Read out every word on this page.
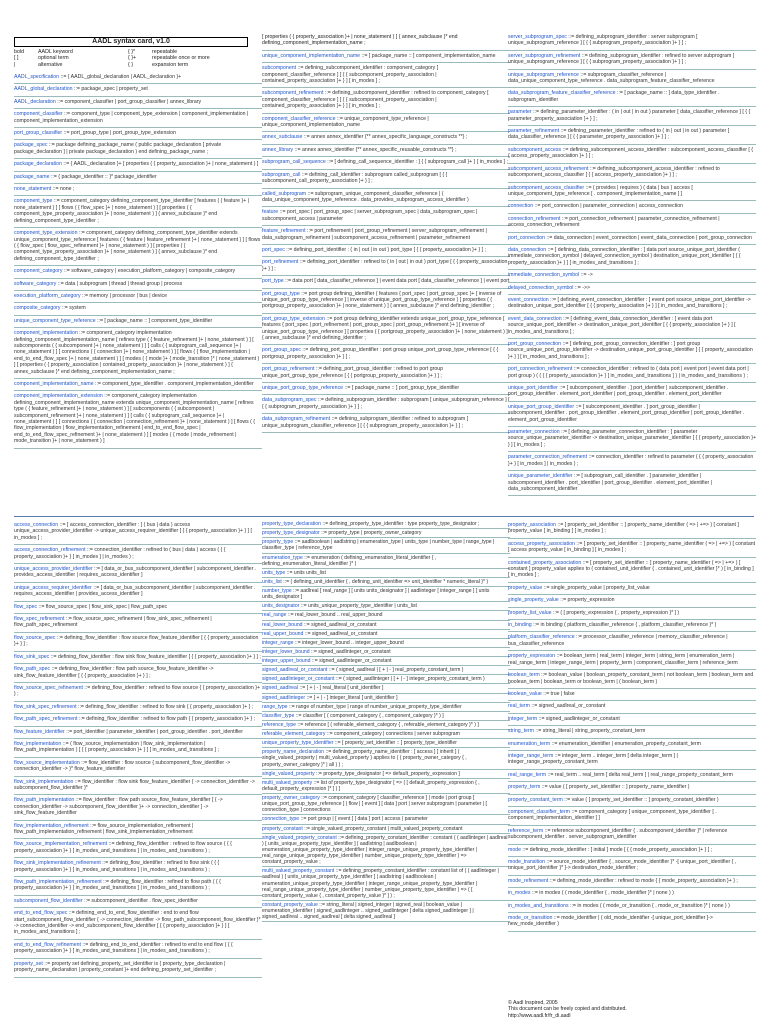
AADL syntax card, v1.0
bold	AADL keyword	{ }*	repeatable
[ ]	optional term	{ }+	repeatable once or more
|	alternative	{ }	expansion term
AADL_specification ::= { AADL_global_declaration | AADL_declaration }+
AADL_global_declaration ::= package_spec | property_set
AADL_declaration ::= component_classifier | port_group_classifier | annex_library
component_classifier ::= component_type | component_type_extension | component_implementation | component_implementation_extension
port_group_classifier ::= port_group_type | port_group_type_extension
package_spec ::= package defining_package_name ( public package_declaration [ private package_declaration ] | private package_declaration ) end defining_package_name ;
package_declaration ::= { AADL_declaration }+ [ properties ( { property_association }+ | none_statement ) ]
package_name ::= { package_identifier :: }* package_identifier
none_statement ::= none ;
component_type ::= component_category defining_component_type_identifier [ features ( { feature }+ | none_statement ) ] [ flows ( { flow_spec }+ | none_statement ) ] [ properties ( { component_type_property_association }+ | none_statement ) ] { annex_subclause }* end defining_component_type_identifier ;
component_type_extension ::= component_category defining_component_type_identifier extends unique_component_type_reference [ features ( { feature | feature_refinement }+ | none_statement ) ] [ flows ( { flow_spec | flow_spec_refinement }+ | none_statement ) ] [ properties ( { component_type_property_association }+ | none_statement ) ] { annex_subclause }* end defining_component_type_identifier ;
component_category ::= software_category | execution_platform_category | composite_category
software_category ::= data | subprogram | thread | thread group | process
execution_platform_category ::= memory | processor | bus | device
composite_category ::= system
unique_component_type_reference ::= [ package_name :: ] component_type_identifier
component_implementation ::= component_category implementation defining_component_implementation_name [ refines type ( { feature_refinement }+ | none_statement ) ] [ subcomponents ( { subcomponent }+ | none_statement ) ] [ calls ( { subprogram_call_sequence }+ | none_statement ) ] [ connections ( { connection }+ | none_statement ) ] [ flows ( { flow_implementation | end_to_end_flow_spec }+ | none_statement ) ] [ modes ( { mode }+ { mode_transition }* | none_statement ) ] [ properties ( { property_association | contained_property_association }+ | none_statement ) ] { annex_subclause }* end defining_component_implementation_name ;
component_implementation_name ::= component_type_identifier . component_implementation_identifier
component_implementation_extension ::= component_category implementation defining_component_implementation_name extends unique_component_implementation_name [ refines type ( { feature_refinement }+ | none_statement ) ] [ subcomponents ( { subcomponent | subcomponent_refinement }+ | none_statement ) ] [ calls ( { subprogram_call_sequence }+ | none_statement ) ] [ connections ( { connection | connection_refinement }+ | none_statement ) ] [ flows ( { flow_implementation | flow_implementation_refinement | end_to_end_flow_spec | end_to_end_flow_spec_refinement }+ | none_statement ) ] [ modes ( { mode | mode_refinement | mode_transition }+ | none_statement ) ]
[ properties ( { property_association }+ | none_statement ) ] { annex_subclause }* end defining_component_implementation_name ;
unique_component_implementation_name ::= [ package_name :: ] component_implementation_name
subcomponent ::= defining_subcomponent_identifier : component_category [ component_classifier_reference ] [ { { subcomponent_property_association | contained_property_association }+ } ] [ in_modes ] ;
subcomponent_refinement ::= defining_subcomponent_identifier : refined to component_category [ component_classifier_reference ] [ { { subcomponent_property_association | contained_property_association }+ } ] [ in_modes ] ;
component_classifier_reference ::= unique_component_type_reference | unique_component_implementation_name
annex_subclause ::= annex annex_identifier {** annex_specific_language_constructs **} ;
annex_library ::= annex annex_identifier {** annex_specific_reusable_constructs **} ;
subprogram_call_sequence ::= [ defining_call_sequence_identifier : ] { { subprogram_call }+ } [ in_modes ] ;
subprogram_call ::= defining_call_identifier : subprogram called_subprogram [ { { subcomponent_call_property_association }+ } ] ;
called_subprogram ::= subprogram_unique_component_classifier_reference | ( data_unique_component_type_reference . data_provides_subprogram_access_identifier )
feature ::= port_spec | port_group_spec | server_subprogram_spec | data_subprogram_spec | subcomponent_access | parameter
feature_refinement ::= port_refinement | port_group_refinement | server_subprogram_refinement | data_subprogram_refinement | subcomponent_access_refinement | parameter_refinement
port_spec ::= defining_port_identifier : ( in | out | in out ) port_type [ { { property_association }+ } ] ;
port_refinement ::= defining_port_identifier : refined to ( in | out | in out ) port_type [ { { property_association }+ } ] ;
port_type ::= data port [ data_classifier_reference ] | event data port [ data_classifier_reference ] | event port
port_group_type ::= port group defining_identifier ( features { port_spec | port_group_spec }+ [ inverse of unique_port_group_type_reference ] | inverse of unique_port_group_type_reference ) [ properties ( { portgroup_property_association }+ | none_statement ) ] { annex_subclause }* end defining_identifier ;
port_group_type_extension ::= port group defining_identifier extends unique_port_group_type_reference [ features { port_spec | port_refinement | port_group_spec | port_group_refinement }+ ] [ inverse of unique_port_group_type_reference ] [ properties ( { portgroup_property_association }+ | none_statement ) ] { annex_subclause }* end defining_identifier ;
port_group_spec ::= defining_port_group_identifier : port group unique_port_group_type_reference [ { { portgroup_property_association }+ } ] ;
port_group_refinement ::= defining_port_group_identifier : refined to port group unique_port_group_type_reference [ { { portgroup_property_association }+ } ] ;
unique_port_group_type_reference ::= [ package_name :: ] port_group_type_identifier
data_subprogram_spec ::= defining_subprogram_identifier : subprogram [ unique_subprogram_reference ] [ { { subprogram_property_association }+ } ] ;
data_subprogram_refinement ::= defining_subprogram_identifier : refined to subprogram [ unique_subprogram_classifier_reference ] [ { { subprogram_property_association }+ } ] ;
server_subprogram_spec ::= defining_subprogram_identifier : server subprogram [ unique_subprogram_reference ] [ { { subprogram_property_association }+ } ] ;
server_subprogram_refinement ::= defining_subprogram_identifier : refined to server subprogram [ unique_subprogram_reference ] [ { { subprogram_property_association }+ } ] ;
unique_subprogram_reference ::= subprogram_classifier_reference | data_unique_component_type_reference . data_subprogram_feature_classifier_reference
data_subprogram_feature_classifier_reference ::= [ package_name :: ] data_type_identifier . subprogram_identifier
parameter ::= defining_parameter_identifier : ( in | out | in out ) parameter [ data_classifier_reference ] [ { { parameter_property_association }+ } ] ;
parameter_refinement ::= defining_parameter_identifier : refined to ( in | out | in out ) parameter [ data_classifier_reference ] [ { { parameter_property_association }+ } ] ;
subcomponent_access ::= defining_subcomponent_access_identifier : subcomponent_access_classifier [ { { access_property_association }+ } ] ;
subcomponent_access_refinement ::= defining_subcomponent_access_identifier : refined to subcomponent_access_classifier [ { { access_property_association }+ } ] ;
subcomponent_access_classifier ::= ( provides | requires ) ( data | bus ) access [ unique_component_type_reference [ . component_implementation_name ] ]
connection ::= port_connection | parameter_connection | access_connection
connection_refinement ::= port_connection_refinement | parameter_connection_refinement | access_connection_refinement
port_connection ::= data_connection | event_connection | event_data_connection | port_group_connection
data_connection ::= [ defining_data_connection_identifier : ] data port source_unique_port_identifier ( immediate_connection_symbol | delayed_connection_symbol ) destination_unique_port_identifier [ { { property_association }+ } ] [ in_modes_and_transitions ] ;
immediate_connection_symbol ::= ->
delayed_connection_symbol ::= ->>
event_connection ::= [ defining_event_connection_identifier : ] event port source_unique_port_identifier -> destination_unique_port_identifier [ { { property_association }+ } ] [ in_modes_and_transitions ] ;
event_data_connection ::= [ defining_event_data_connection_identifier : ] event data port source_unique_port_identifier -> destination_unique_port_identifier [ { { property_association }+ } ] [ in_modes_and_transitions ] ;
port_group_connection ::= [ defining_port_group_connection_identifier : ] port group source_unique_port_group_identifier -> destination_unique_port_group_identifier [ { { property_association }+ } ] [ in_modes_and_transitions ] ;
port_connection_refinement ::= connection_identifier : refined to ( data port | event port | event data port | port group ) ( ( { { property_association }+ } [ in_modes_and_transitions ] ) | in_modes_and_transitions ) ;
unique_port_identifier ::= [ subcomponent_identifier . ] port_identifier | subcomponent_identifier . port_group_identifier . element_port_identifier | port_group_identifier . element_port_identifier
unique_port_group_identifier ::= [ subcomponent_identifier . ] port_group_identifier | subcomponent_identifier . port_group_identifier . element_port_group_identifier | port_group_identifier . element_port_group_identifier
parameter_connection ::= [ defining_parameter_connection_identifier : ] parameter source_unique_parameter_identifier -> destination_unique_parameter_identifier [ { { property_association }+ } ] [ in_modes ] ;
parameter_connection_refinement ::= connection_identifier : refined to parameter ( { { property_association }+ } [ in_modes ] | in_modes ) ;
unique_parameter_identifier ::= [ subprogram_call_identifier . ] parameter_identifier | subcomponent_identifier . port_identifier | port_group_identifier . element_port_identifier | data_subcomponent_identifier
access_connection ::= [ access_connection_identifier : ] ( bus | data ) access unique_access_provider_identifier -> unique_access_requirer_identifier [ { { property_association }+ } ] [ in_modes ] ;
access_connection_refinement ::= connection_identifier : refined to ( bus | data ) access ( { { property_association }+ } [ in_modes ] | in_modes ) ;
unique_access_provider_identifier ::= [ data_or_bus_subcomponent_identifier | subcomponent_identifier . provides_access_identifier | requires_access_identifier ]
unique_access_requirer_identifier ::= [ data_or_bus_subcomponent_identifier | subcomponent_identifier . requires_access_identifier | provides_access_identifier ]
flow_spec ::= flow_source_spec | flow_sink_spec | flow_path_spec
flow_spec_refinement ::= flow_source_spec_refinement | flow_sink_spec_refinement | flow_path_spec_refinement
flow_source_spec ::= defining_flow_identifier : flow source flow_feature_identifier [ { { property_association }+ } ] ;
flow_sink_spec ::= defining_flow_identifier : flow sink flow_feature_identifier [ { { property_association }+ } ] ;
flow_path_spec ::= defining_flow_identifier : flow path source_flow_feature_identifier -> sink_flow_feature_identifier [ { { property_association }+ } ] ;
flow_source_spec_refinement ::= defining_flow_identifier : refined to flow source { { property_association }+ } ;
flow_sink_spec_refinement ::= defining_flow_identifier : refined to flow sink { { property_association }+ } ;
flow_path_spec_refinement ::= defining_flow_identifier : refined to flow path { { property_association }+ } ;
flow_feature_identifier ::= port_identifier | parameter_identifier | port_group_identifier . port_identifier
flow_implementation ::= ( flow_source_implementation | flow_sink_implementation | flow_path_implementation ) [ { { property_association }+ } ] [ in_modes_and_transitions ] ;
flow_source_implementation ::= flow_identifier : flow source { subcomponent_flow_identifier -> connection_identifier -> }* flow_feature_identifier
flow_sink_implementation ::= flow_identifier : flow sink flow_feature_identifier { -> connection_identifier -> subcomponent_flow_identifier }*
flow_path_implementation ::= flow_identifier : flow path source_flow_feature_identifier [ { -> connection_identifier -> subcomponent_flow_identifier }+ -> connection_identifier ] -> sink_flow_feature_identifier
flow_implementation_refinement ::= flow_source_implementation_refinement | flow_path_implementation_refinement | flow_sink_implementation_refinement
flow_source_implementation_refinement ::= defining_flow_identifier : refined to flow source ( { { property_association }+ } [ in_modes_and_transitions ] | in_modes_and_transitions ) ;
flow_sink_implementation_refinement ::= defining_flow_identifier : refined to flow sink ( { { property_association }+ } [ in_modes_and_transitions ] | in_modes_and_transitions ) ;
flow_path_implementation_refinement ::= defining_flow_identifier : refined to flow path ( { { property_association }+ } [ in_modes_and_transitions ] | in_modes_and_transitions ) ;
subcomponent_flow_identifier ::= subcomponent_identifier . flow_spec_identifier
end_to_end_flow_spec ::= defining_end_to_end_flow_identifier : end to end flow start_subcomponent_flow_identifier { -> connection_identifier -> flow_path_subcomponent_flow_identifier }* -> connection_identifier -> end_subcomponent_flow_identifier [ { { property_association }+ } ] [ in_modes_and_transitions ] ;
end_to_end_flow_refinement ::= defining_end_to_end_identifier : refined to end to end flow ( { { property_association }+ } [ in_modes_and_transitions ] | in_modes_and_transitions ) ;
property_set ::= property set defining_property_set_identifier is { property_type_declaration | property_name_declaration | property_constant }+ end defining_property_set_identifier ;
property_type_declaration ::= defining_property_type_identifier : type property_type_designator ;
property_type_designator ::= property_type | property_owner_category
property_type ::= aadlboolean | aadlstring | enumeration_type | units_type | number_type | range_type | classifier_type | reference_type
enumeration_type ::= enumeration ( defining_enumeration_literal_identifier { , defining_enumeration_literal_identifier }* )
units_type ::= units units_list
units_list ::= ( defining_unit_identifier { , defining_unit_identifier => unit_identifier * numeric_literal }* )
number_type ::= aadlreal [ real_range ] [ units units_designator ] | aadlinteger [ integer_range ] [ units units_designator ]
units_designator ::= units_unique_property_type_identifier | units_list
real_range ::= real_lower_bound .. real_upper_bound
real_lower_bound ::= signed_aadlreal_or_constant
real_upper_bound ::= signed_aadlreal_or_constant
integer_range ::= integer_lower_bound .. integer_upper_bound
integer_lower_bound ::= signed_aadlinteger_or_constant
integer_upper_bound ::= signed_aadlinteger_or_constant
signed_aadlreal_or_constant ::= ( signed_aadlreal | [ + | - ] real_property_constant_term )
signed_aadlinteger_or_constant ::= ( signed_aadlinteger | [ + | - ] integer_property_constant_term )
signed_aadlreal ::= [ + | - ] real_literal [ unit_identifier ]
signed_aadlinteger ::= [ + | - ] integer_literal [ unit_identifier ]
range_type ::= range of number_type | range of number_unique_property_type_identifier
classifier_type ::= classifier [ ( component_category { , component_category }* ) ]
reference_type ::= reference [ ( referable_element_category { , referable_element_category }* ) ]
referable_element_category ::= component_category | connections | server subprogram
unique_property_type_identifier ::= [ property_set_identifier :: ] property_type_identifier
property_name_declaration ::= defining_property_name_identifier : [ access ] [ inherit ] ( single_valued_property | multi_valued_property ) applies to ( ( property_owner_category { , property_owner_category }* | all ) ) ;
single_valued_property ::= property_type_designator [ => default_property_expression ]
multi_valued_property ::= list of property_type_designator [ => ( [ default_property_expression { , default_property_expression }* ] ) ]
property_owner_category ::= component_category [ classifier_reference ] | mode | port group [ unique_port_group_type_reference ] | flow | [ event ] [ data ] port | server subprogram | parameter | [ connection_type ] connections
connection_type ::= port group | [ event ] [ data ] port | access | parameter
property_constant ::= single_valued_property_constant | multi_valued_property_constant
single_valued_property_constant ::= defining_property_constant_identifier : constant ( ( aadlinteger | aadlreal ) [ units_unique_property_type_identifier ] | aadlstring | aadlboolean | enumeration_unique_property_type_identifier | integer_range_unique_property_type_identifier | real_range_unique_property_type_identifier | number_unique_property_type_identifier ) => constant_property_value ;
multi_valued_property_constant ::= defining_property_constant_identifier : constant list of ( ( aadlinteger | aadlreal ) [ units_unique_property_type_identifier ] | aadlstring | aadlboolean | enumeration_unique_property_type_identifier | integer_range_unique_property_type_identifier | real_range_unique_property_type_identifier | number_unique_property_type_identifier ) => ( [ constant_property_value { , constant_property_value }* ] ) ;
constant_property_value ::= string_literal | signed_integer | signed_real | boolean_value | enumeration_identifier | signed_aadlinteger .. signed_aadlinteger [ delta signed_aadlinteger ] | signed_aadlreal .. signed_aadlreal [ delta signed_aadlreal ]
property_association ::= [ property_set_identifier :: ] property_name_identifier ( => | +=> ) [ constant ] property_value [ in_binding ] [ in_modes ] ;
access_property_association ::= [ property_set_identifier :: ] property_name_identifier ( => | +=> ) [ constant ] access property_value [ in_binding ] [ in_modes ] ;
contained_property_association ::= [ property_set_identifier :: ] property_name_identifier ( => | +=> ) [ constant ] property_value applies to ( contained_unit_identifier { . contained_unit_identifier }* ) [ in_binding ] [ in_modes ] ;
property_value ::= single_property_value | property_list_value
single_property_value ::= property_expression
property_list_value ::= ( [ property_expression { , property_expression }* ] )
in_binding ::= in binding ( platform_classifier_reference { , platform_classifier_reference }* )
platform_classifier_reference ::= processor_classifier_reference | memory_classifier_reference | bus_classifier_reference
property_expression ::= boolean_term | real_term | integer_term | string_term | enumeration_term | real_range_term | integer_range_term | property_term | component_classifier_term | reference_term
boolean_term ::= boolean_value | boolean_property_constant_term | not boolean_term | boolean_term and boolean_term | boolean_term or boolean_term | ( boolean_term )
boolean_value ::= true | false
real_term ::= signed_aadlreal_or_constant
integer_term ::= signed_aadlinteger_or_constant
string_term ::= string_literal | string_property_constant_term
enumeration_term ::= enumeration_identifier | enumeration_property_constant_term
integer_range_term ::= integer_term .. integer_term [ delta integer_term ] | integer_range_property_constant_term
real_range_term ::= real_term .. real_term [ delta real_term ] | real_range_property_constant_term
property_term ::= value ( [ property_set_identifier :: ] property_name_identifier )
property_constant_term ::= value ( [ property_set_identifier :: ] property_constant_identifier )
component_classifier_term ::= component_category [ unique_component_type_identifier [ . component_implementation_identifier ] ]
reference_term ::= reference subcomponent_identifier { . subcomponent_identifier }* | reference subcomponent_identifier . server_subprogram_identifier
mode ::= defining_mode_identifier : [ initial ] mode [ { { mode_property_association }+ } ] ;
mode_transition ::= source_mode_identifier { , source_mode_identifier }* -[ unique_port_identifier { , unique_port_identifier }* ]-> destination_mode_identifier ;
mode_refinement ::= defining_mode_identifier : refined to mode { { mode_property_association }+ } ;
in_modes ::= in modes ( ( mode_identifier { , mode_identifier }* | none ) )
in_modes_and_transitions ::= in modes ( ( mode_or_transition { , mode_or_transition }* | none ) )
mode_or_transition ::= mode_identifier | ( old_mode_identifier -[ unique_port_identifier ]-> new_mode_identifier )
© Aadl Inspired, 2005
This document can be freely copied and distributed.
http://www.aadl.fr/fr_di.aadl
